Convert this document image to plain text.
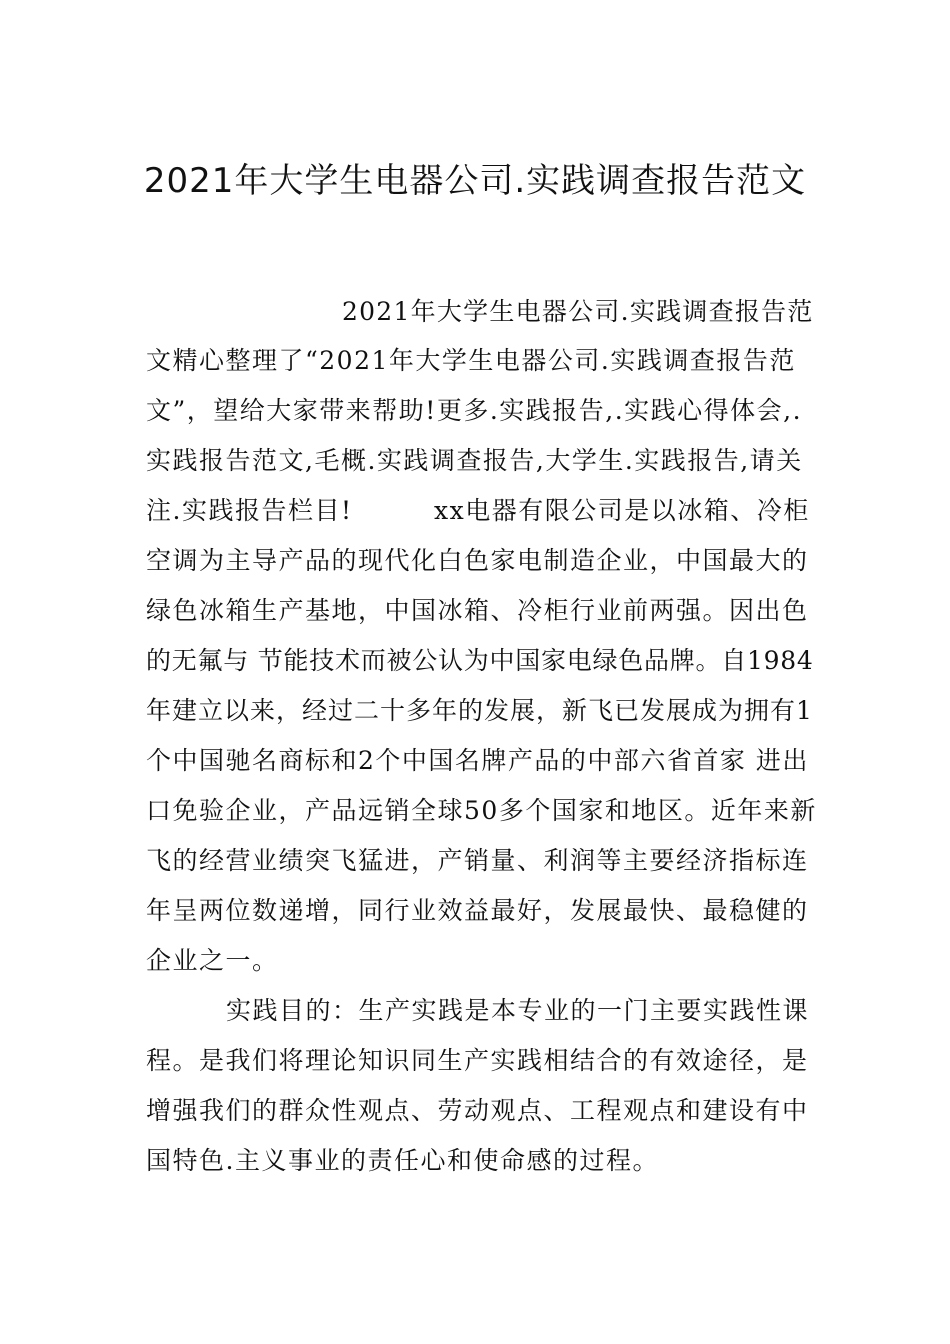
2021年大学生电器公司.实践调查报告范文
2021年大学生电器公司.实践调查报告范
文精心整理了“2021年大学生电器公司.实践调查报告范
文”，望给大家带来帮助!更多.实践报告,.实践心得体会,.
实践报告范文,毛概.实践调查报告,大学生.实践报告,请关
注.实践报告栏目!	xx电器有限公司是以冰箱、冷柜
空调为主导产品的现代化白色家电制造企业，中国最大的
绿色冰箱生产基地，中国冰箱、冷柜行业前两强。因出色
的无氟与 节能技术而被公认为中国家电绿色品牌。自1984
年建立以来，经过二十多年的发展，新飞已发展成为拥有1
个中国驰名商标和2个中国名牌产品的中部六省首家 进出
口免验企业，产品远销全球50多个国家和地区。近年来新
飞的经营业绩突飞猛进，产销量、利润等主要经济指标连
年呈两位数递增，同行业效益最好，发展最快、最稳健的
企业之一。
实践目的：生产实践是本专业的一门主要实践性课
程。是我们将理论知识同生产实践相结合的有效途径，是
增强我们的群众性观点、劳动观点、工程观点和建设有中
国特色.主义事业的责任心和使命感的过程。
